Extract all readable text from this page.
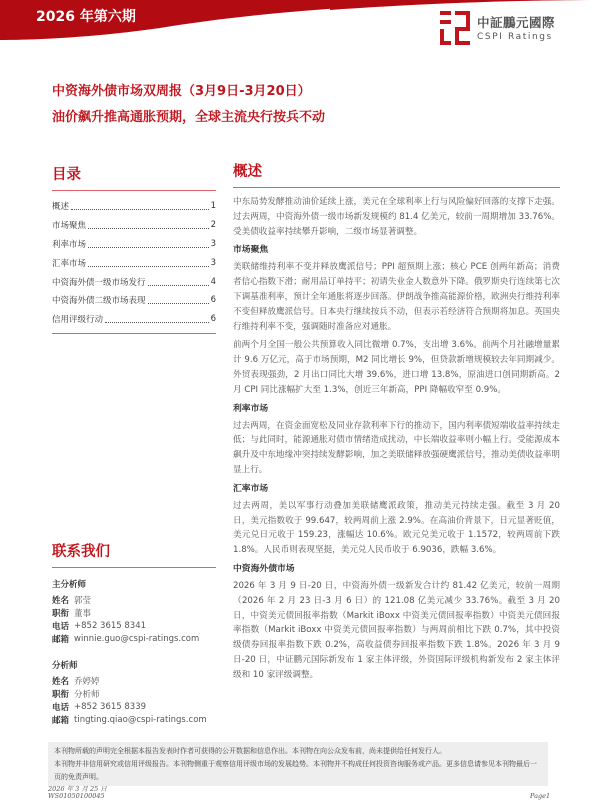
2026 年第六期	中証鵬元國際
CSPI Ratings
中资海外债市场双周报（3月9日-3月20日）
油价飙升推高通胀预期，全球主流央行按兵不动
目录
概述	1
市场聚焦	2
利率市场	3
汇率市场	3
中资海外债一级市场发行	4
中资海外债二级市场表现	6
信用评级行动	6
联系我们
主分析师
姓名 郭莹
职衔 董事
电话 +852 3615 8341
邮箱 winnie.guo@cspi-ratings.com
分析师
姓名 乔婷婷
职衔 分析师
电话 +852 3615 8339
邮箱 tingting.qiao@cspi-ratings.com
概述

中东局势发酵推动油价延续上涨，美元在全球利率上行与风险偏好回落的支撑下走强。过去两周，中资海外债一级市场新发规模约 81.4 亿美元，较前一周期增加 33.76%。受美债收益率持续攀升影响，二级市场显著调整。

市场聚焦

美联储维持利率不变并释放鹰派信号；PPI 超预期上涨；核心 PCE 创两年新高；消费者信心指数下滑；耐用品订单持平；初请失业金人数意外下降。俄罗斯央行连续第七次下调基准利率，预计全年通胀将逐步回落。伊朗战争推高能源价格，欧洲央行维持利率不变但释放鹰派信号。日本央行继续按兵不动，但表示若经济符合预期将加息。英国央行维持利率不变，强调随时准备应对通胀。

前两个月全国一般公共预算收入同比微增 0.7%，支出增 3.6%。前两个月社融增量累计 9.6 万亿元，高于市场预期，M2 同比增长 9%，但贷款新增规模较去年同期减少。外贸表现强劲，2 月出口同比大增 39.6%，进口增 13.8%，原油进口创同期新高。2 月 CPI 同比涨幅扩大至 1.3%，创近三年新高，PPI 降幅收窄至 0.9%。

利率市场

过去两周，在资金面宽松及同业存款利率下行的推动下，国内利率债短端收益率持续走低；与此同时，能源通胀对债市情绪造成扰动，中长端收益率则小幅上行。受能源成本飙升及中东地缘冲突持续发酵影响，加之美联储释放强硬鹰派信号，推动美债收益率明显上行。

汇率市场

过去两周，美以军事行动叠加美联储鹰派政策，推动美元持续走强。截至 3 月 20 日，美元指数收于 99.647，较两周前上涨 2.9%。在高油价背景下，日元显著贬值，美元兑日元收于 159.23，涨幅达 10.6%。欧元兑美元收于 1.1572，较两周前下跌 1.8%。人民币则表现坚挺，美元兑人民币收于 6.9036，跌幅 3.6%。

中资海外债市场

2026 年 3 月 9 日-20 日，中资海外债一级新发合计约 81.42 亿美元，较前一周期（2026 年 2 月 23 日-3 月 6 日）的 121.08 亿美元减少 33.76%。截至 3 月 20 日，中资美元债回报率指数（Markit iBoxx 中资美元债回报率指数）中资美元债回报率指数（Markit iBoxx 中资美元债回报率指数）与两周前相比下跌 0.7%，其中投资级债券回报率指数下跌 0.2%，高收益债券回报率指数下跌 1.8%。2026 年 3 月 9 日-20 日，中证鹏元国际新发布 1 家主体评级，外资国际评级机构新发布 2 家主体评级和 10 家评级调整。

本刊物所载的声明完全根据本报告发表时作者可获得的公开数据和信息作出。本刊物在向公众发布前，尚未提供给任何发行人。
本刊物并非信用研究或信用评级报告。本刊物侧重于观察信用评级市场的发展趋势。本刊物并不构成任何投资咨询服务或产品。更多信息请参见本刊物最后一页的免责声明。
2026 年 3 月 25 日
WS01050100045	Page1
